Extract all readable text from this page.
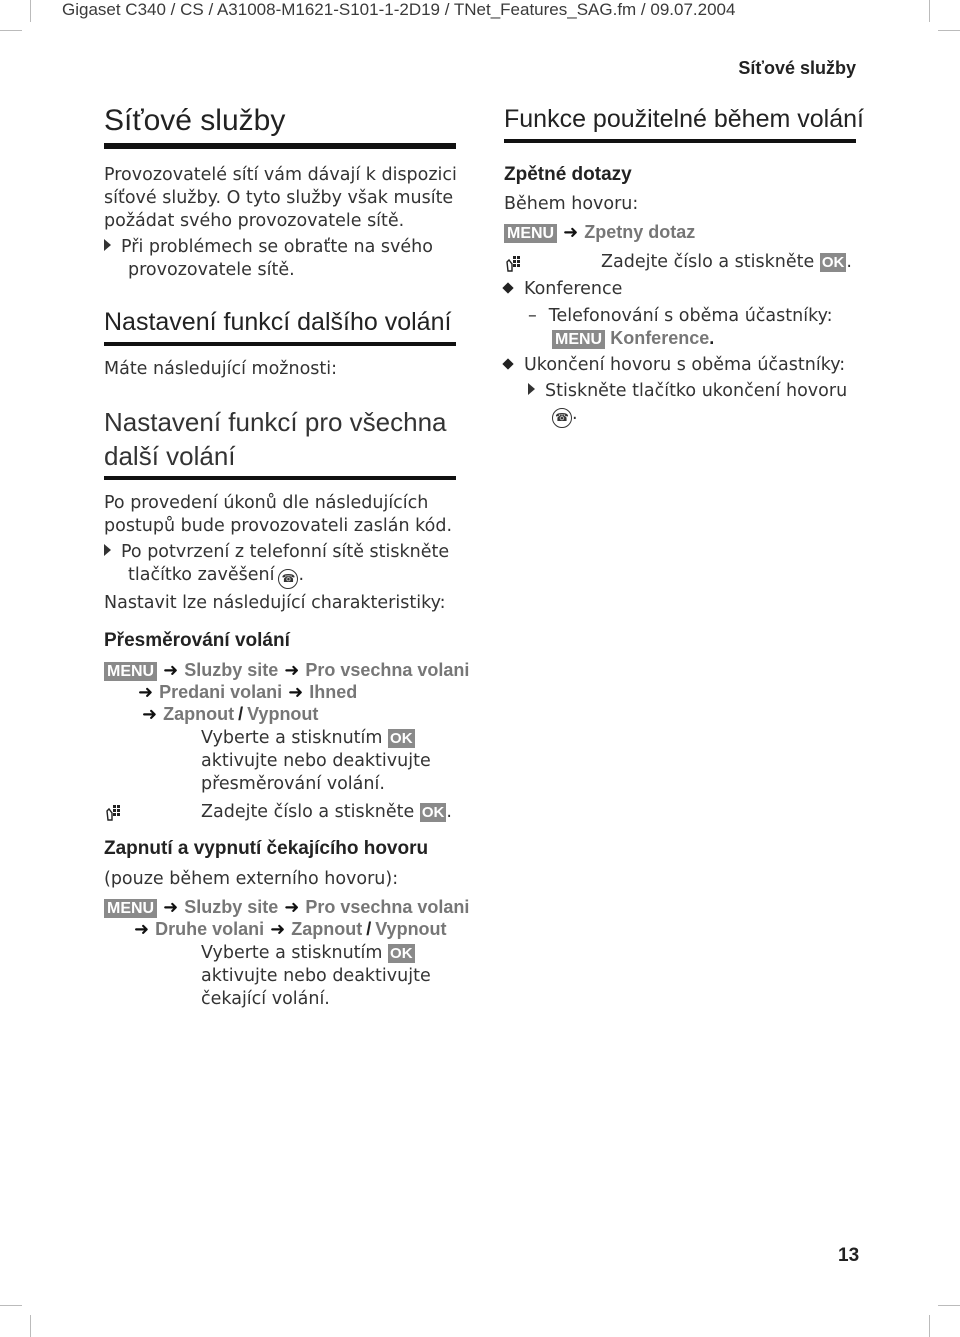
Gigaset C340 / CS / A31008-M1621-S101-1-2D19 / TNet_Features_SAG.fm / 09.07.2004
Síťové služby
Síťové služby
Provozovatelé sítí vám dávají k dispozici
síťové služby. O tyto služby však musíte
požádat svého provozovatele sítě.
Při problémech se obraťte na svého
provozovatele sítě.
Nastavení funkcí dalšího volání
Máte následující možnosti:
Nastavení funkcí pro všechna
další volání
Po provedení úkonů dle následujících
postupů bude provozovateli zaslán kód.
Po potvrzení z telefonní sítě stiskněte
tlačítko zavěšení ☎ .
Nastavit lze následující charakteristiky:
Přesměrování volání
MENU ➜ Sluzby site ➜ Pro vsechna volani
➜ Predani volani ➜ Ihned
➜ Zapnout / Vypnout
Vyberte a stisknutím OK
aktivujte nebo deaktivujte
přesměrování volání.
Zadejte číslo a stiskněte OK .
Zapnutí a vypnutí čekajícího hovoru
(pouze během externího hovoru):
MENU ➜ Sluzby site ➜ Pro vsechna volani
➜ Druhe volani ➜ Zapnout / Vypnout
Vyberte a stisknutím OK
aktivujte nebo deaktivujte
čekající volání.
Funkce použitelné během volání
Zpětné dotazy
Během hovoru:
MENU ➜ Zpetny dotaz
Zadejte číslo a stiskněte OK .
Konference
– Telefonování s oběma účastníky:
MENU Konference.
Ukončení hovoru s oběma účastníky:
Stiskněte tlačítko ukončení hovoru
☎ .
13
